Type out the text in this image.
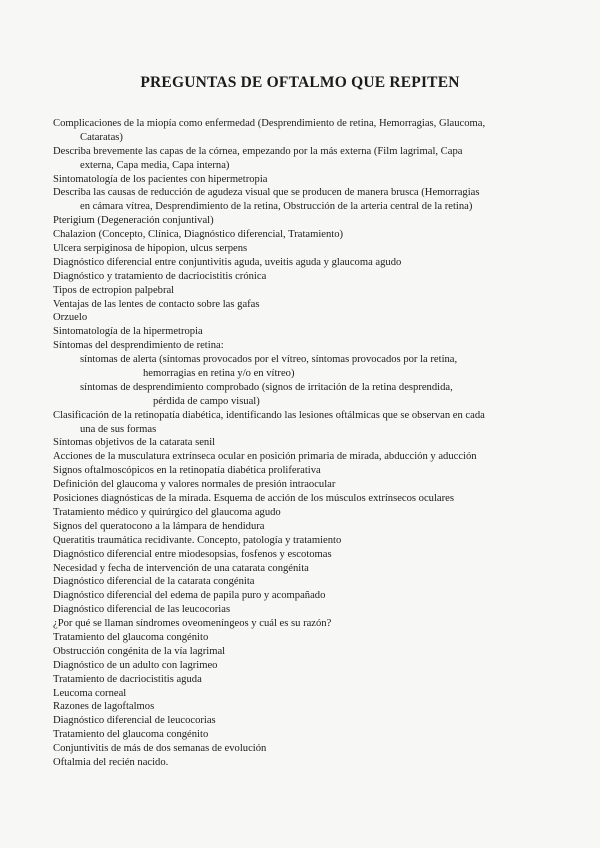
PREGUNTAS DE OFTALMO QUE REPITEN
Complicaciones de la miopía como enfermedad (Desprendimiento de retina, Hemorragias, Glaucoma,
Cataratas)
Describa brevemente las capas de la córnea, empezando por la más externa (Film lagrimal, Capa
externa, Capa media, Capa interna)
Sintomatología de los pacientes con hipermetropia
Describa las causas de reducción de agudeza visual que se producen de manera brusca (Hemorragias
en cámara vítrea, Desprendimiento de la retina, Obstrucción de la arteria central de la retina)
Pterigium (Degeneración conjuntival)
Chalazion (Concepto, Clínica, Diagnóstico diferencial, Tratamiento)
Ulcera serpiginosa de hipopion, ulcus serpens
Diagnóstico diferencial entre conjuntivitis aguda, uveitis aguda y glaucoma agudo
Diagnóstico y tratamiento de dacriocistitis crónica
Tipos de ectropion palpebral
Ventajas de las lentes de contacto sobre las gafas
Orzuelo
Sintomatología de la hipermetropia
Síntomas del desprendimiento de retina:
síntomas de alerta (síntomas provocados por el vítreo, síntomas provocados por la retina,
hemorragias en retina y/o en vítreo)
síntomas de desprendimiento comprobado (signos de irritación de la retina desprendida,
pérdida de campo visual)
Clasificación de la retinopatía diabética, identificando las lesiones oftálmicas que se observan en cada
una de sus formas
Síntomas objetivos de la catarata senil
Acciones de la musculatura extrínseca ocular en posición primaria de mirada, abducción y aducción
Signos oftalmoscópicos en la retinopatía diabética proliferativa
Definición del glaucoma y valores normales de presión intraocular
Posiciones diagnósticas de la mirada. Esquema de acción de los músculos extrínsecos oculares
Tratamiento médico y quirúrgico del glaucoma agudo
Signos del queratocono a la lámpara de hendidura
Queratitis traumática recidivante. Concepto, patología y tratamiento
Diagnóstico diferencial entre miodesopsias, fosfenos y escotomas
Necesidad y fecha de intervención de una catarata congénita
Diagnóstico diferencial de la catarata congénita
Diagnóstico diferencial del edema de papila puro y acompañado
Diagnóstico diferencial de las leucocorias
¿Por qué se llaman síndromes oveomeníngeos y cuál es su razón?
Tratamiento del glaucoma congénito
Obstrucción congénita de la vía lagrimal
Diagnóstico de un adulto con lagrimeo
Tratamiento de dacriocistitis aguda
Leucoma corneal
Razones de lagoftalmos
Diagnóstico diferencial de leucocorias
Tratamiento del glaucoma congénito
Conjuntivitis de más de dos semanas de evolución
Oftalmia del recién nacido.
